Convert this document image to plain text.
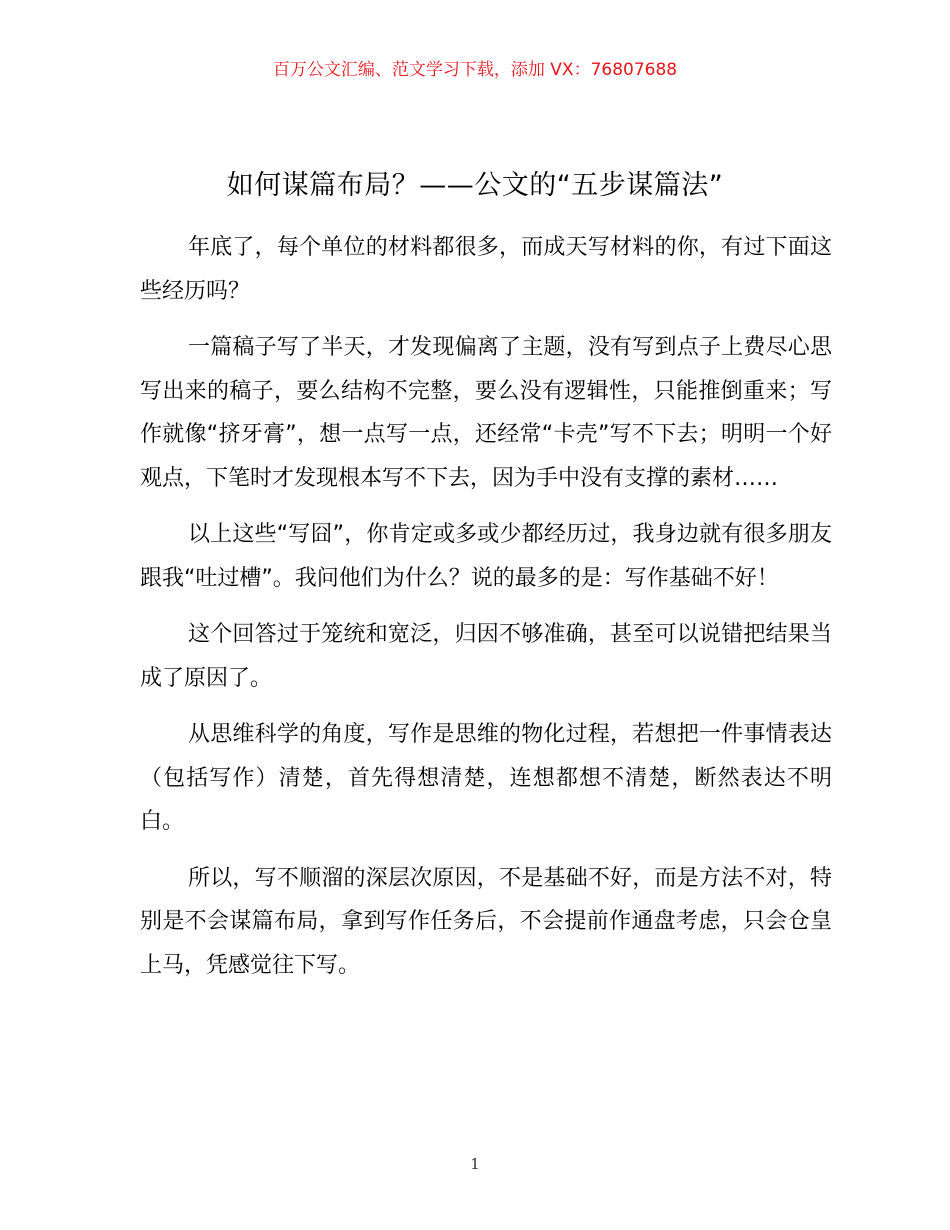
百万公文汇编、范文学习下载，添加 VX：76807688
如何谋篇布局？——公文的“五步谋篇法”

年底了，每个单位的材料都很多，而成天写材料的你，有过下面这些经历吗？

一篇稿子写了半天，才发现偏离了主题，没有写到点子上费尽心思写出来的稿子，要么结构不完整，要么没有逻辑性，只能推倒重来；写作就像“挤牙膏”，想一点写一点，还经常“卡壳”写不下去；明明一个好观点，下笔时才发现根本写不下去，因为手中没有支撑的素材……

以上这些“写囧”，你肯定或多或少都经历过，我身边就有很多朋友跟我“吐过槽”。我问他们为什么？说的最多的是：写作基础不好！

这个回答过于笼统和宽泛，归因不够准确，甚至可以说错把结果当成了原因了。

从思维科学的角度，写作是思维的物化过程，若想把一件事情表达（包括写作）清楚，首先得想清楚，连想都想不清楚，断然表达不明白。

所以，写不顺溜的深层次原因，不是基础不好，而是方法不对，特别是不会谋篇布局，拿到写作任务后，不会提前作通盘考虑，只会仓皇上马，凭感觉往下写。

1
